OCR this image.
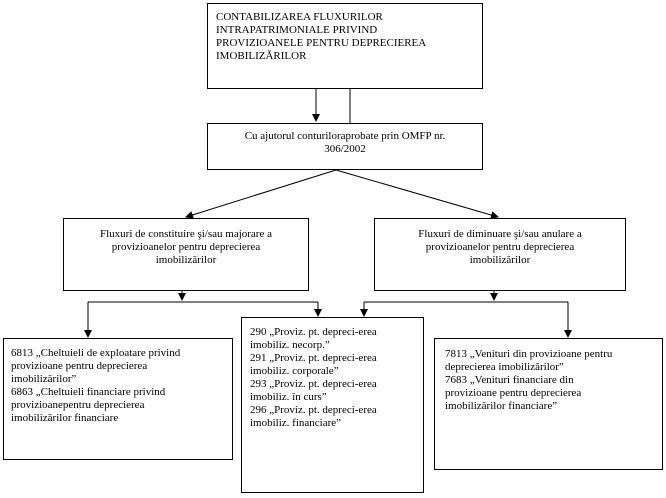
CONTABILIZAREA FLUXURILOR
INTRAPATRIMONIALE PRIVIND
PROVIZIOANELE PENTRU DEPRECIEREA
IMOBILIZĂRILOR
Cu ajutorul conturiloraprobate prin OMFP nr.
306/2002
Fluxuri de constituire şi/sau majorare a
provizioanelor pentru deprecierea
imobilizărilor
Fluxuri de diminuare şi/sau anulare a
provizioanelor pentru deprecierea
imobilizărilor
6813 „Cheltuieli de exploatare privind
provizioane pentru deprecierea
imobilizărilor”
6863 „Cheltuieli financiare privind
provizioanepentru deprecierea
imobilizărilor financiare
290 „Proviz. pt. depreci-erea
imobiliz. necorp.”
291 „Proviz. pt. depreci-erea
imobiliz. corporale”
293 „Proviz. pt. depreci-erea
imobiliz. în curs”
296 „Proviz. pt. depreci-erea
imobiliz. financiare”
7813 „Venituri din provizioane pentru
deprecierea imobilizărilor”
7683 „Venituri financiare din
provizioane pentru deprecierea
imobilizărilor financiare”
